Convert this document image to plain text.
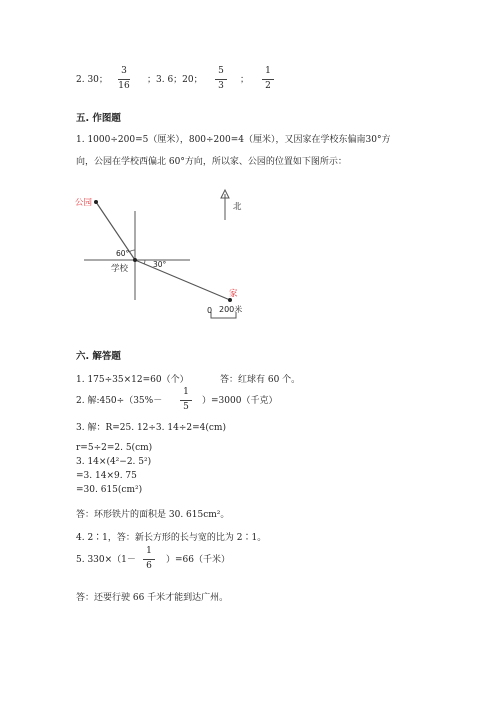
2. 30；
3
16
；3. 6；20；
5
3
；
1
2
五. 作图题
1. 1000÷200=5（厘米），800÷200=4（厘米），又因家在学校东偏南30°方
向，公园在学校西偏北 60°方向，所以家、公园的位置如下图所示：
公园	北
60°
30°
学校
家
0 200米
六. 解答题
1. 175÷35×12=60（个）	答：红球有 60 个。
2. 解:450÷（35%－
1
5
）=3000（千克）
3. 解：R=25. 12÷3. 14÷2=4(cm)
r=5÷2=2. 5(cm)
3. 14×(4²−2. 5²)
=3. 14×9. 75
=30. 615(cm²)
答：环形铁片的面积是 30. 615cm²。
4. 2∶1，答：新长方形的长与宽的比为 2∶1。
5. 330×（1－
1
6
）=66（千米）
答：还要行驶 66 千米才能到达广州。
